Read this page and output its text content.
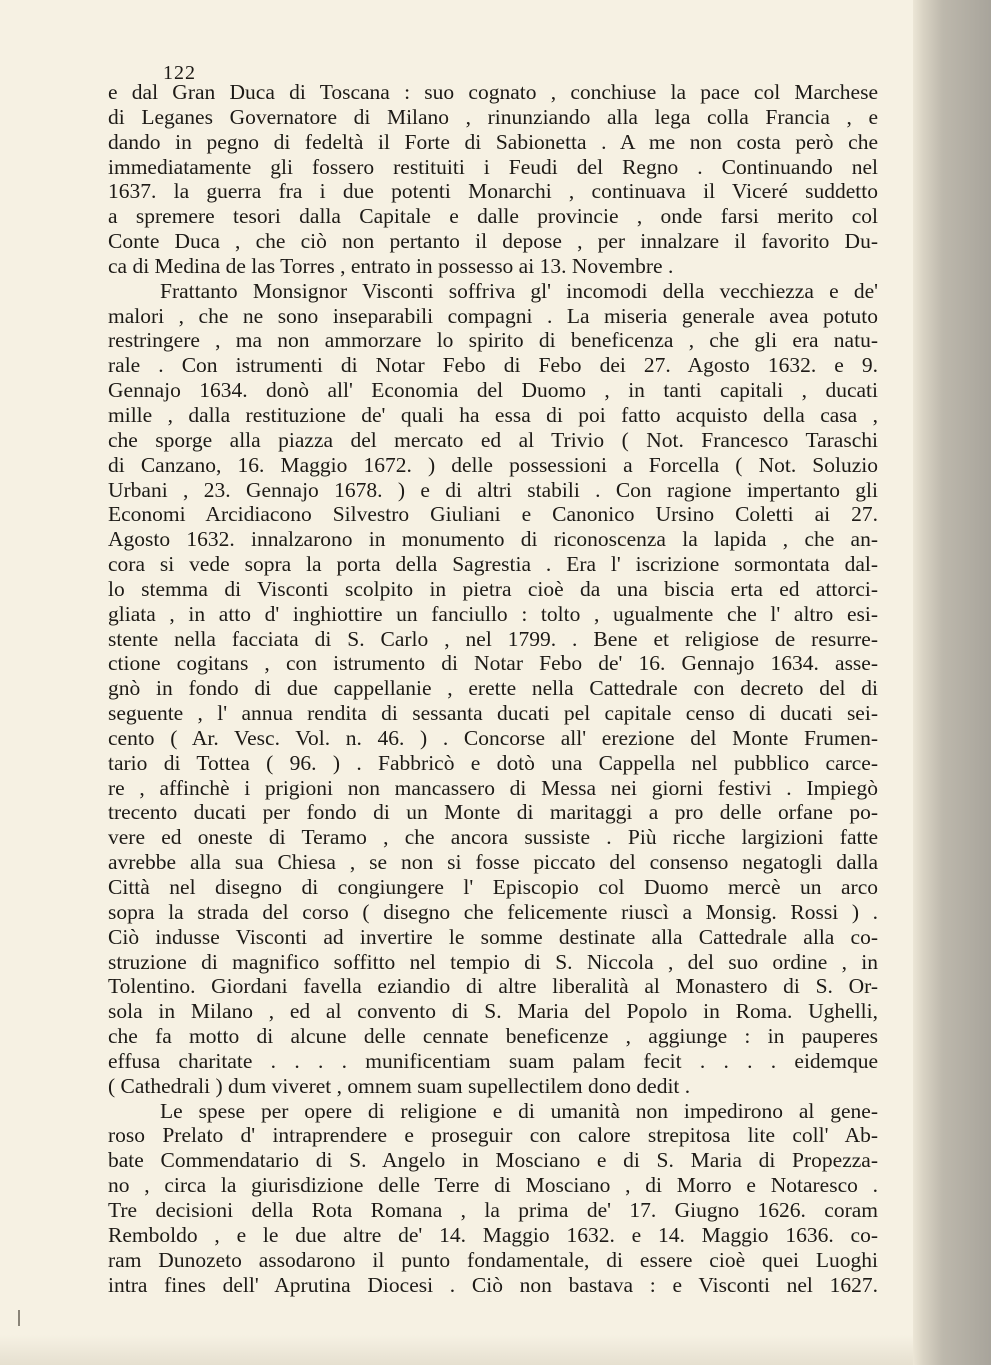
122
e dal Gran Duca di Toscana : suo cognato , conchiuse la pace col Marchese
di Leganes Governatore di Milano , rinunziando alla lega colla Francia , e
dando in pegno di fedeltà il Forte di Sabionetta . A me non costa però che
immediatamente gli fossero restituiti i Feudi del Regno . Continuando nel
1637. la guerra fra i due potenti Monarchi , continuava il Viceré suddetto
a spremere tesori dalla Capitale e dalle provincie , onde farsi merito col
Conte Duca , che ciò non pertanto il depose , per innalzare il favorito Du-
ca di Medina de las Torres , entrato in possesso ai 13. Novembre .
Frattanto Monsignor Visconti soffriva gl' incomodi della vecchiezza e de'
malori , che ne sono inseparabili compagni . La miseria generale avea potuto
restringere , ma non ammorzare lo spirito di beneficenza , che gli era natu-
rale . Con istrumenti di Notar Febo di Febo dei 27. Agosto 1632. e 9.
Gennajo 1634. donò all' Economia del Duomo , in tanti capitali , ducati
mille , dalla restituzione de' quali ha essa di poi fatto acquisto della casa ,
che sporge alla piazza del mercato ed al Trivio ( Not. Francesco Taraschi
di Canzano, 16. Maggio 1672. ) delle possessioni a Forcella ( Not. Soluzio
Urbani , 23. Gennajo 1678. ) e di altri stabili . Con ragione impertanto gli
Economi Arcidiacono Silvestro Giuliani e Canonico Ursino Coletti ai 27.
Agosto 1632. innalzarono in monumento di riconoscenza la lapida , che an-
cora si vede sopra la porta della Sagrestia . Era l' iscrizione sormontata dal-
lo stemma di Visconti scolpito in pietra cioè da una biscia erta ed attorci-
gliata , in atto d' inghiottire un fanciullo : tolto , ugualmente che l' altro esi-
stente nella facciata di S. Carlo , nel 1799. . Bene et religiose de resurre-
ctione cogitans , con istrumento di Notar Febo de' 16. Gennajo 1634. asse-
gnò in fondo di due cappellanie , erette nella Cattedrale con decreto del di
seguente , l' annua rendita di sessanta ducati pel capitale censo di ducati sei-
cento ( Ar. Vesc. Vol. n. 46. ) . Concorse all' erezione del Monte Frumen-
tario di Tottea ( 96. ) . Fabbricò e dotò una Cappella nel pubblico carce-
re , affinchè i prigioni non mancassero di Messa nei giorni festivi . Impiegò
trecento ducati per fondo di un Monte di maritaggi a pro delle orfane po-
vere ed oneste di Teramo , che ancora sussiste . Più ricche largizioni fatte
avrebbe alla sua Chiesa , se non si fosse piccato del consenso negatogli dalla
Città nel disegno di congiungere l' Episcopio col Duomo mercè un arco
sopra la strada del corso ( disegno che felicemente riuscì a Monsig. Rossi ) .
Ciò indusse Visconti ad invertire le somme destinate alla Cattedrale alla co-
struzione di magnifico soffitto nel tempio di S. Niccola , del suo ordine , in
Tolentino. Giordani favella eziandio di altre liberalità al Monastero di S. Or-
sola in Milano , ed al convento di S. Maria del Popolo in Roma. Ughelli,
che fa motto di alcune delle cennate beneficenze , aggiunge : in pauperes
effusa charitate . . . . munificentiam suam palam fecit . . . . eidemque
( Cathedrali ) dum viveret , omnem suam supellectilem dono dedit .
Le spese per opere di religione e di umanità non impedirono al gene-
roso Prelato d' intraprendere e proseguir con calore strepitosa lite coll' Ab-
bate Commendatario di S. Angelo in Mosciano e di S. Maria di Propezza-
no , circa la giurisdizione delle Terre di Mosciano , di Morro e Notaresco .
Tre decisioni della Rota Romana , la prima de' 17. Giugno 1626. coram
Remboldo , e le due altre de' 14. Maggio 1632. e 14. Maggio 1636. co-
ram Dunozeto assodarono il punto fondamentale, di essere cioè quei Luoghi
intra fines dell' Aprutina Diocesi . Ciò non bastava : e Visconti nel 1627.
